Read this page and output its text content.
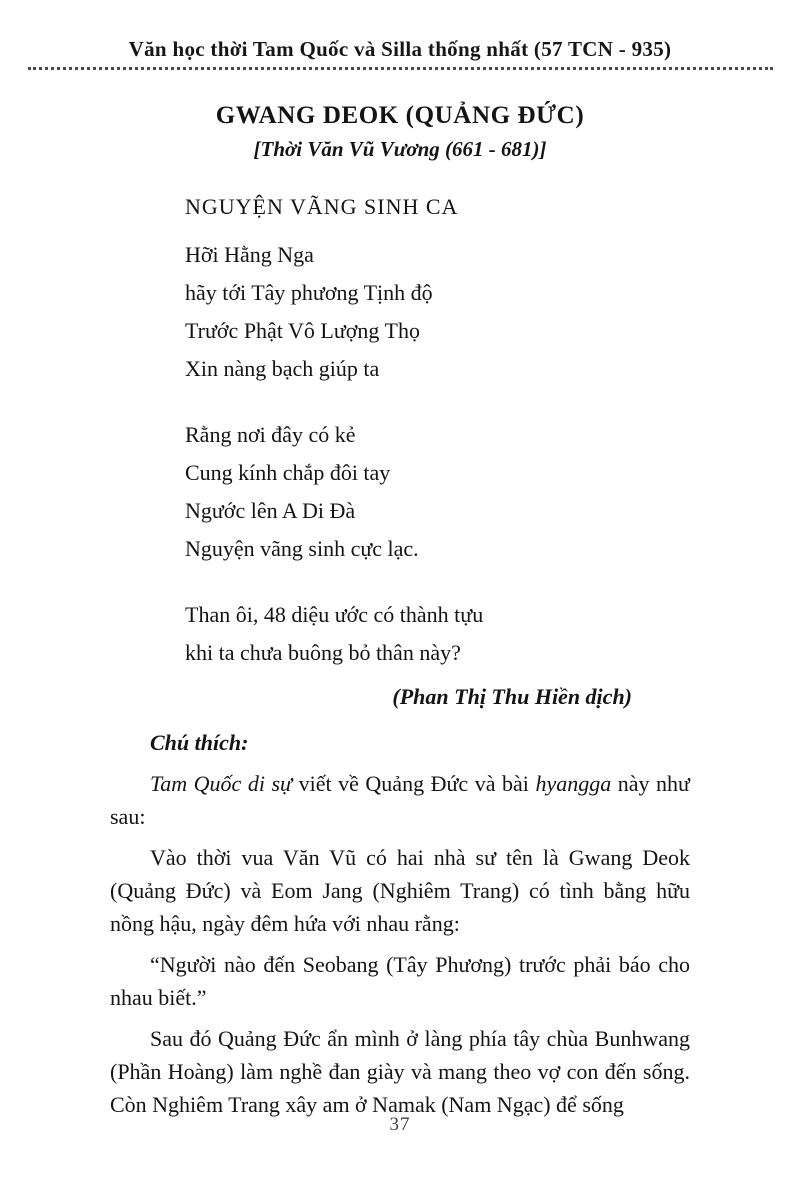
Văn học thời Tam Quốc và Silla thống nhất (57 TCN - 935)
GWANG DEOK (QUẢNG ĐỨC)
[Thời Văn Vũ Vương (661 - 681)]
NGUYỆN VÃNG SINH CA
Hỡi Hằng Nga
hãy tới Tây phương Tịnh độ
Trước Phật Vô Lượng Thọ
Xin nàng bạch giúp ta
Rằng nơi đây có kẻ
Cung kính chắp đôi tay
Ngước lên A Di Đà
Nguyện vãng sinh cực lạc.
Than ôi, 48 diệu ước có thành tựu
khi ta chưa buông bỏ thân này?
(Phan Thị Thu Hiền dịch)
Chú thích:

Tam Quốc di sự viết về Quảng Đức và bài hyangga này như sau:

Vào thời vua Văn Vũ có hai nhà sư tên là Gwang Deok (Quảng Đức) và Eom Jang (Nghiêm Trang) có tình bằng hữu nồng hậu, ngày đêm hứa với nhau rằng:

“Người nào đến Seobang (Tây Phương) trước phải báo cho nhau biết.”

Sau đó Quảng Đức ẩn mình ở làng phía tây chùa Bunhwang (Phần Hoàng) làm nghề đan giày và mang theo vợ con đến sống. Còn Nghiêm Trang xây am ở Namak (Nam Ngạc) để sống

37
